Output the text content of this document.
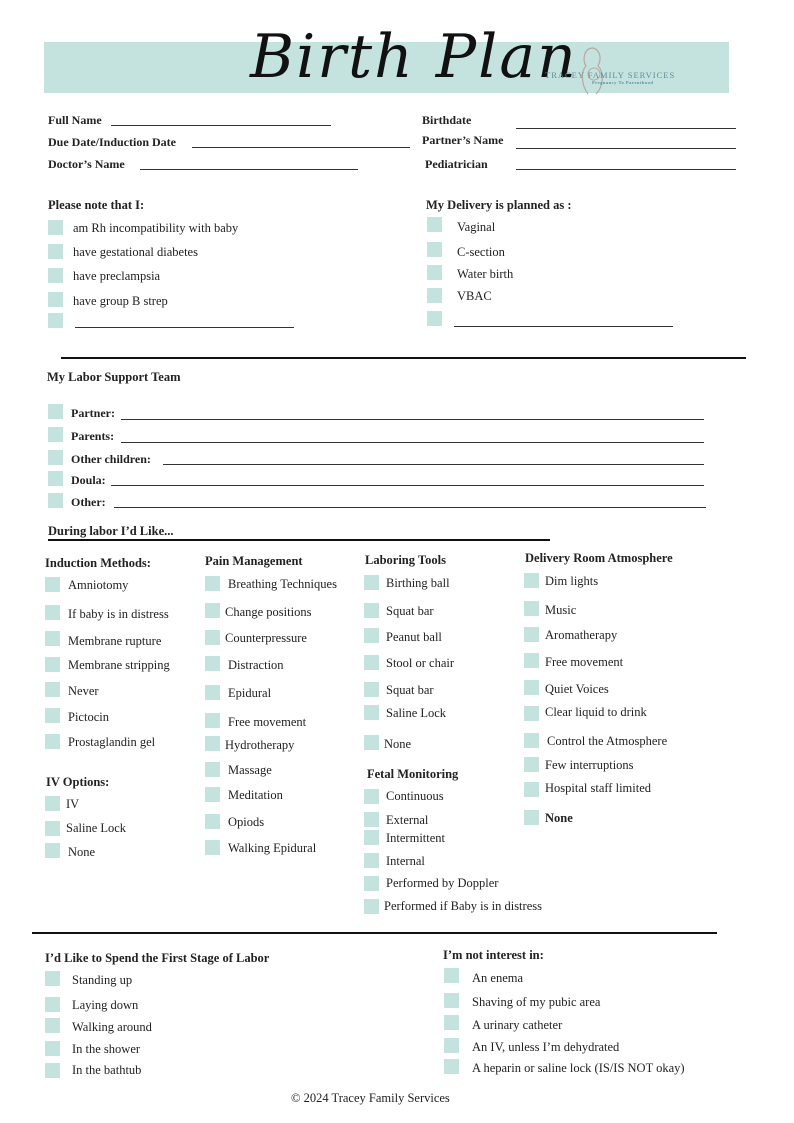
Birth Plan
TRACEY FAMILY SERVICES
Pregnancy To Parenthood
Full Name
Due Date/Induction Date
Doctor’s Name
Birthdate
Partner’s Name
Pediatrician
Please note that I:
am Rh incompatibility with baby
have gestational diabetes
have preclampsia
have group B strep
My Delivery is planned as :
Vaginal
C-section
Water birth
VBAC
My Labor Support Team
Partner:
Parents:
Other children:
Doula:
Other:
During labor I’d Like...
Induction Methods:
Amniotomy
If baby is in distress
Membrane rupture
Membrane stripping
Never
Pictocin
Prostaglandin gel
IV Options:
IV
Saline Lock
None
Pain Management
Breathing Techniques
Change positions
Counterpressure
Distraction
Epidural
Free movement
Hydrotherapy
Massage
Meditation
Opiods
Walking Epidural
Laboring Tools
Birthing ball
Squat bar
Peanut ball
Stool or chair
Squat bar
Saline Lock
None
Fetal Monitoring
Continuous
External
Intermittent
Internal
Performed by Doppler
Performed if Baby is in distress
Delivery Room Atmosphere
Dim lights
Music
Aromatherapy
Free movement
Quiet Voices
Clear liquid to drink
Control the Atmosphere
Few interruptions
Hospital staff limited
None
I’d Like to Spend the First Stage of Labor
Standing up
Laying down
Walking around
In the shower
In the bathtub
I’m not interest in:
An enema
Shaving of my pubic area
A urinary catheter
An IV, unless I’m dehydrated
A heparin or saline lock (IS/IS NOT okay)
© 2024 Tracey Family Services
